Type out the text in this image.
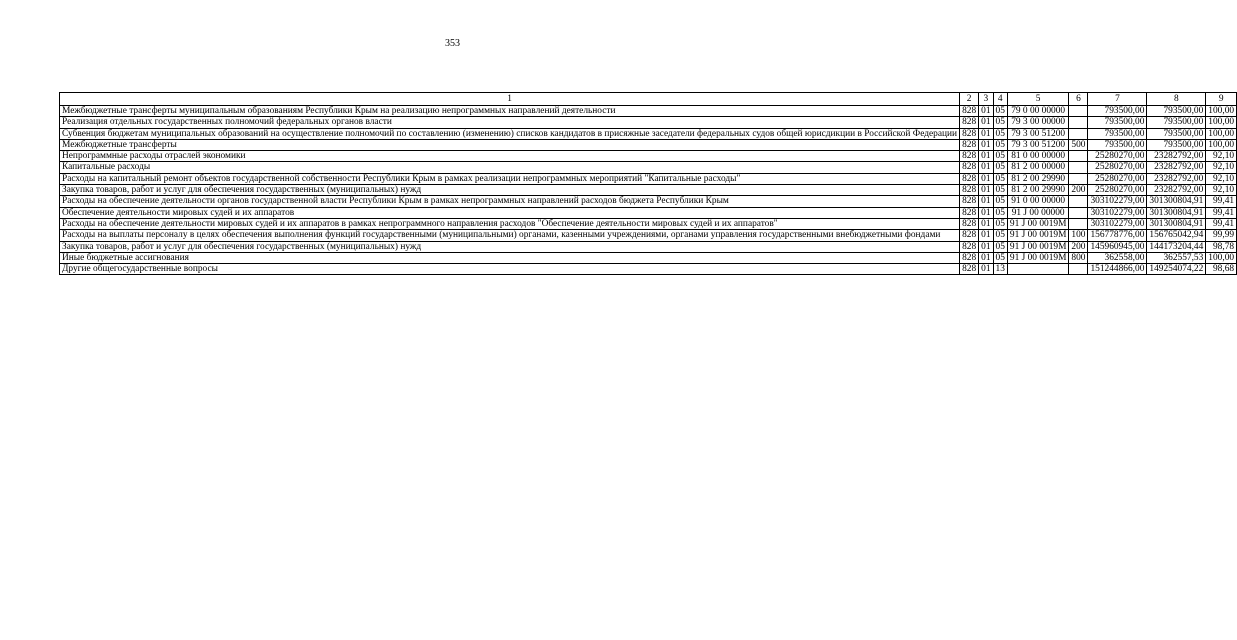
353
1	2	3	4	5	6	7	8	9
Межбюджетные трансферты муниципальным образованиям Республики Крым на реализацию непрограммных направлений деятельности	828	01	05	79 0 00 00000		793500,00	793500,00	100,00
Реализация отдельных государственных полномочий федеральных органов власти	828	01	05	79 3 00 00000		793500,00	793500,00	100,00
Субвенция бюджетам муниципальных образований на осуществление полномочий по составлению (изменению) списков кандидатов в присяжные заседатели федеральных судов общей юрисдикции в Российской Федерации	828	01	05	79 3 00 51200		793500,00	793500,00	100,00
Межбюджетные трансферты	828	01	05	79 3 00 51200	500	793500,00	793500,00	100,00
Непрограммные расходы отраслей экономики	828	01	05	81 0 00 00000		25280270,00	23282792,00	92,10
Капитальные расходы	828	01	05	81 2 00 00000		25280270,00	23282792,00	92,10
Расходы на капитальный ремонт объектов государственной собственности Республики Крым в рамках реализации непрограммных мероприятий "Капитальные расходы"	828	01	05	81 2 00 29990		25280270,00	23282792,00	92,10
Закупка товаров, работ и услуг для обеспечения государственных (муниципальных) нужд	828	01	05	81 2 00 29990	200	25280270,00	23282792,00	92,10
Расходы на обеспечение деятельности органов государственной власти Республики Крым в рамках непрограммных направлений расходов бюджета Республики Крым	828	01	05	91 0 00 00000		303102279,00	301300804,91	99,41
Обеспечение деятельности мировых судей и их аппаратов	828	01	05	91 J 00 00000		303102279,00	301300804,91	99,41
Расходы на обеспечение деятельности мировых судей и их аппаратов в рамках непрограммного направления расходов "Обеспечение деятельности мировых судей и их аппаратов"	828	01	05	91 J 00 0019М		303102279,00	301300804,91	99,41
Расходы на выплаты персоналу в целях обеспечения выполнения функций государственными (муниципальными) органами, казенными учреждениями, органами управления государственными внебюджетными фондами	828	01	05	91 J 00 0019М	100	156778776,00	156765042,94	99,99
Закупка товаров, работ и услуг для обеспечения государственных (муниципальных) нужд	828	01	05	91 J 00 0019М	200	145960945,00	144173204,44	98,78
Иные бюджетные ассигнования	828	01	05	91 J 00 0019М	800	362558,00	362557,53	100,00
Другие общегосударственные вопросы	828	01	13			151244866,00	149254074,22	98,68
